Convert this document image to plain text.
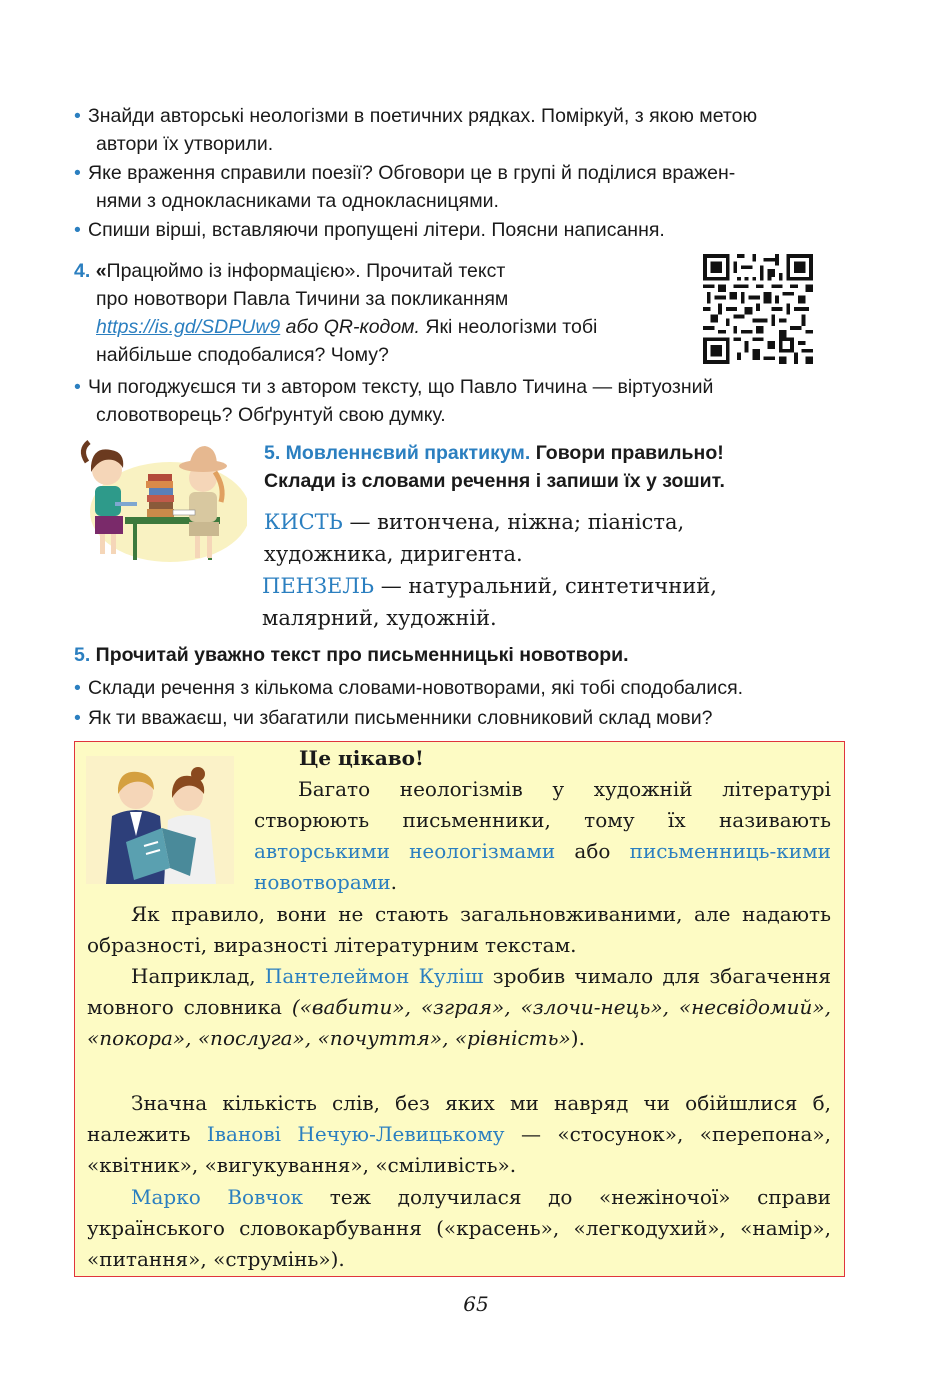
• Знайди авторські неологізми в поетичних рядках. Поміркуй, з якою метою
автори їх утворили.
• Яке враження справили поезії? Обговори це в групі й поділися вражен-
нями з однокласниками та однокласницями.
• Спиши вірші, вставляючи пропущені літери. Поясни написання.
4. «Працюймо із інформацією». Прочитай текст
про новотвори Павла Тичини за покликанням
https://is.gd/SDPUw9 або QR-кодом. Які неологізми тобі
найбільше сподобалися? Чому?
• Чи погоджуєшся ти з автором тексту, що Павло Тичина — віртуозний
словотворець? Обґрунтуй свою думку.
5. Мовленнєвий практикум. Говори правильно!
Склади із словами речення і запиши їх у зошит.
КИСТЬ — витончена, ніжна; піаніста,
художника, диригента.
ПЕНЗЕЛЬ — натуральний, синтетичний,
малярний, художній.
5. Прочитай уважно текст про письменницькі новотвори.
• Склади речення з кількома словами-новотворами, які тобі сподобалися.
• Як ти вважаєш, чи збагатили письменники словниковий склад мови?
Це цікаво!
Багато неологізмів у художній літературі створюють письменники, тому їх називають авторськими неологізмами або письменниць-кими новотворами.
Як правило, вони не стають загальновживаними, але надають образності, виразності літературним текстам.
Наприклад, Пантелеймон Куліш зробив чимало для збагачення мовного словника («вабити», «зграя», «злочи-нець», «несвідомий», «покора», «послуга», «почуття», «рівність»).
Значна кількість слів, без яких ми навряд чи обійшлися б, належить Іванові Нечую-Левицькому — «стосунок», «перепона», «квітник», «вигукування», «сміливість».
Марко Вовчок теж долучилася до «нежіночої» справи українського словокарбування («красень», «легкодухий», «намір», «питання», «струмінь»).
65
